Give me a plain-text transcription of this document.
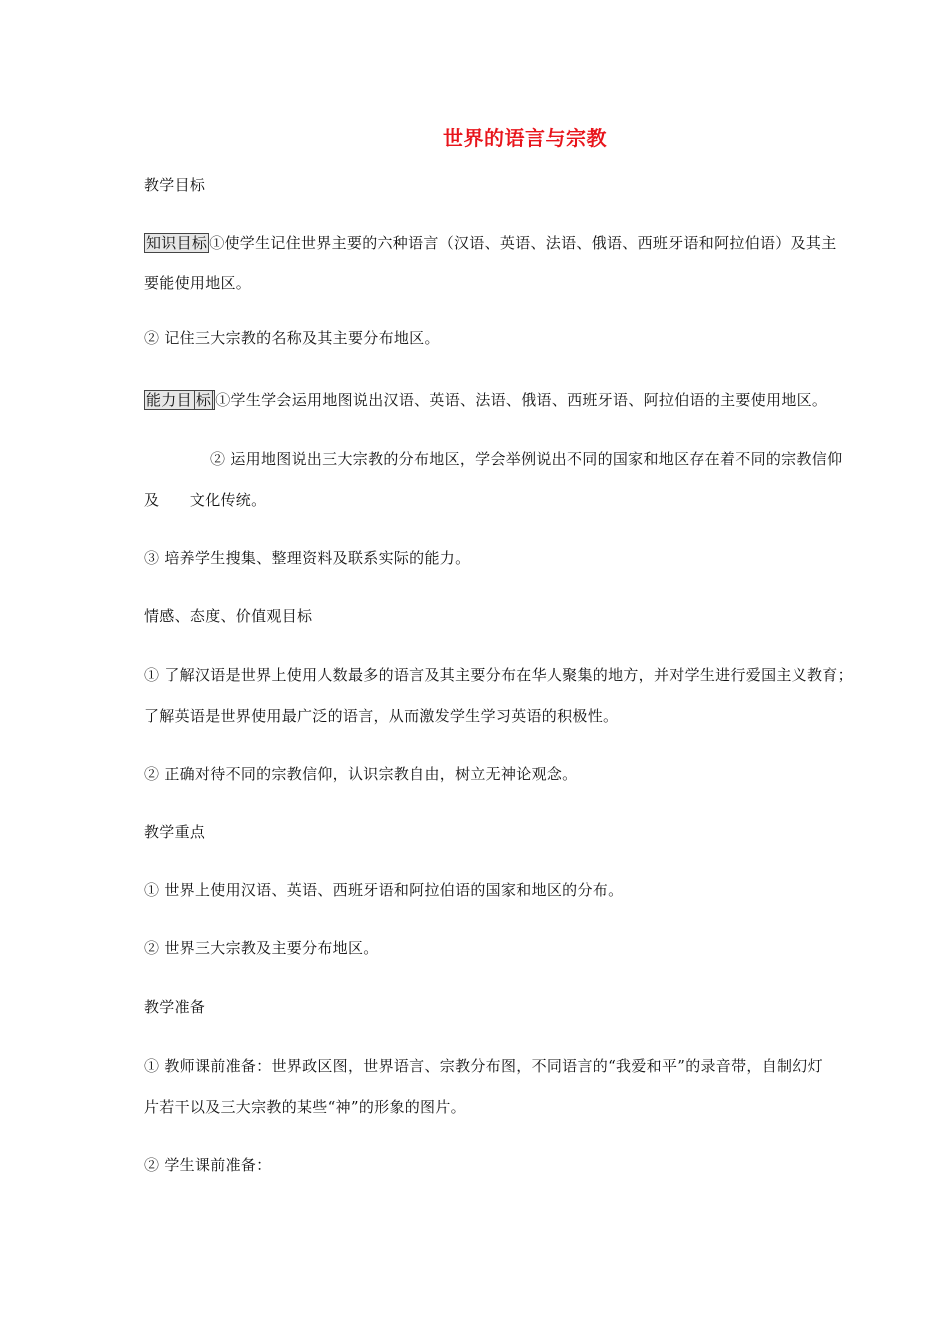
世界的语言与宗教
教学目标
知识目标 ①使学生记住世界主要的六种语言（汉语、英语、法语、俄语、西班牙语和阿拉伯语）及其主
要能使用地区。
② 记住三大宗教的名称及其主要分布地区。
能力目 标 ①学生学会运用地图说出汉语、英语、法语、俄语、西班牙语、阿拉伯语的主要使用地区。
② 运用地图说出三大宗教的分布地区，学会举例说出不同的国家和地区存在着不同的宗教信仰
及　　文化传统。
③ 培养学生搜集、整理资料及联系实际的能力。
情感、态度、价值观目标
① 了解汉语是世界上使用人数最多的语言及其主要分布在华人聚集的地方，并对学生进行爱国主义教育；
了解英语是世界使用最广泛的语言，从而激发学生学习英语的积极性。
② 正确对待不同的宗教信仰，认识宗教自由，树立无神论观念。
教学重点
① 世界上使用汉语、英语、西班牙语和阿拉伯语的国家和地区的分布。
② 世界三大宗教及主要分布地区。
教学准备
① 教师课前准备：世界政区图，世界语言、宗教分布图，不同语言的“我爱和平”的录音带，自制幻灯
片若干以及三大宗教的某些“神”的形象的图片。
② 学生课前准备：
